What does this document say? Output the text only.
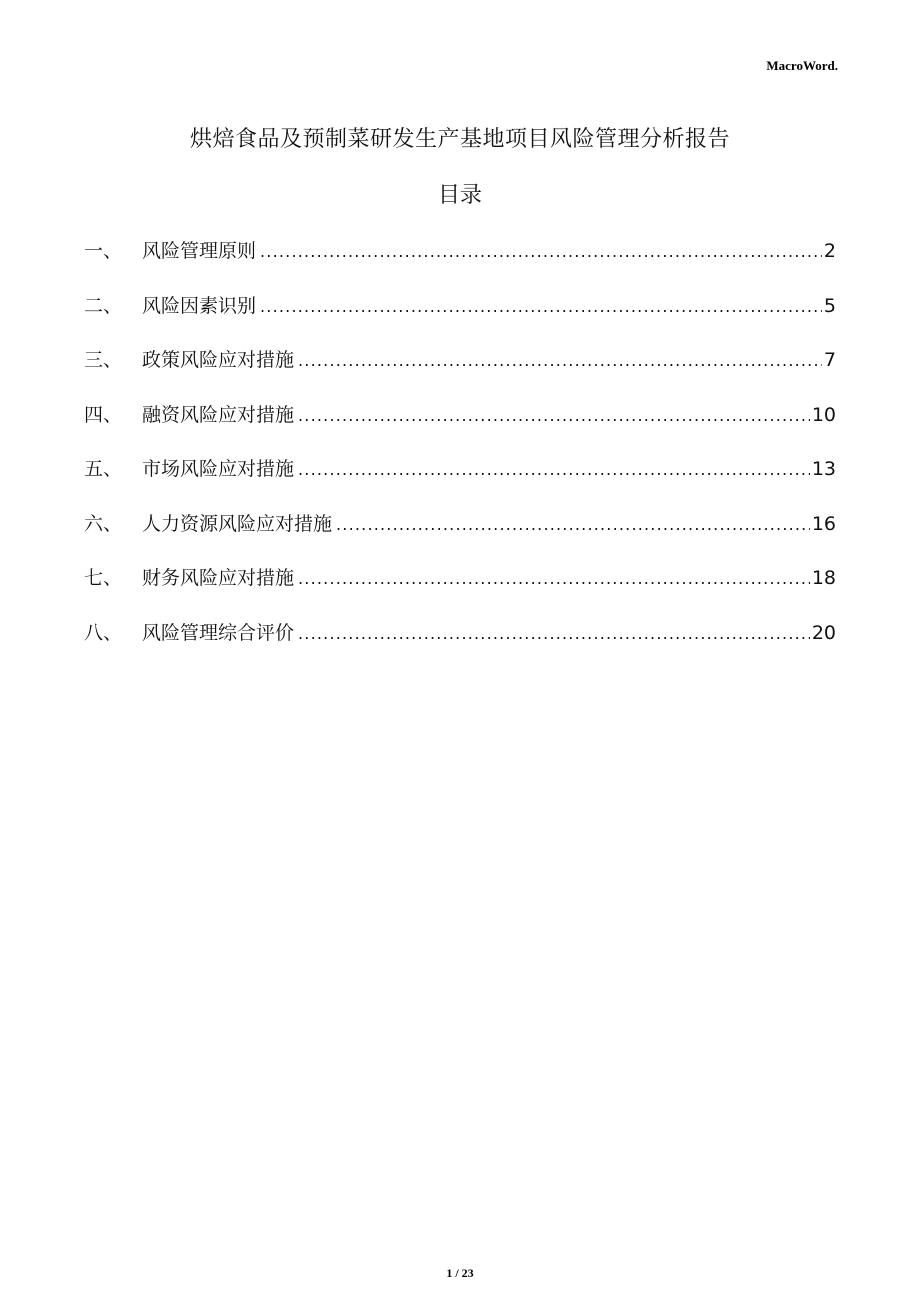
MacroWord.
烘焙食品及预制菜研发生产基地项目风险管理分析报告
目录
一、	风险管理原则 .....	2
二、	风险因素识别 .....	5
三、	政策风险应对措施 .....	7
四、	融资风险应对措施 .....	10
五、	市场风险应对措施 .....	13
六、	人力资源风险应对措施 .....	16
七、	财务风险应对措施 .....	18
八、	风险管理综合评价 .....	20
1 / 23
